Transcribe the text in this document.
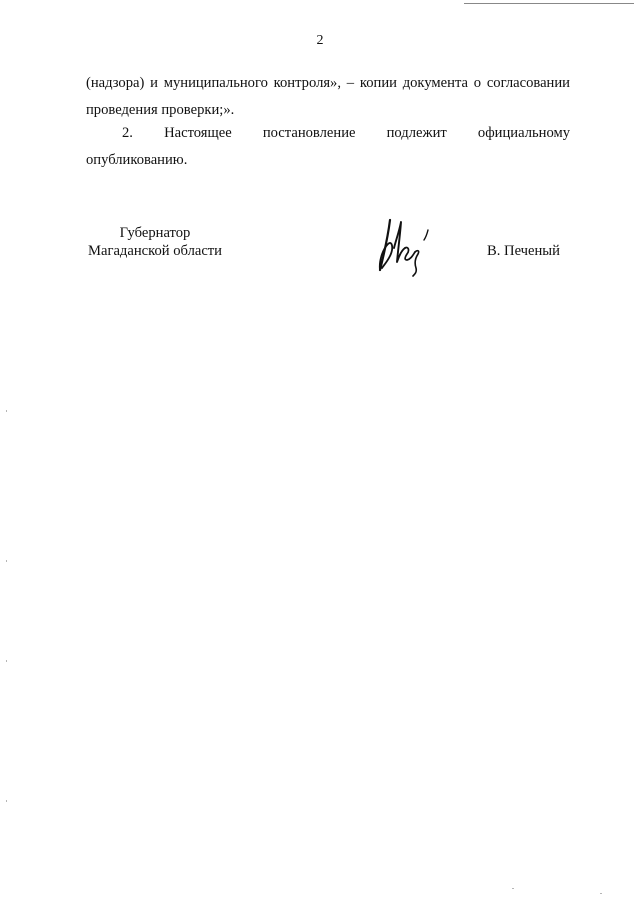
2
(надзора) и муниципального контроля», – копии документа о согласовании
проведения проверки;».
2. Настоящее постановление подлежит официальному
опубликованию.
Губернатор
Магаданской области	В. Печеный
